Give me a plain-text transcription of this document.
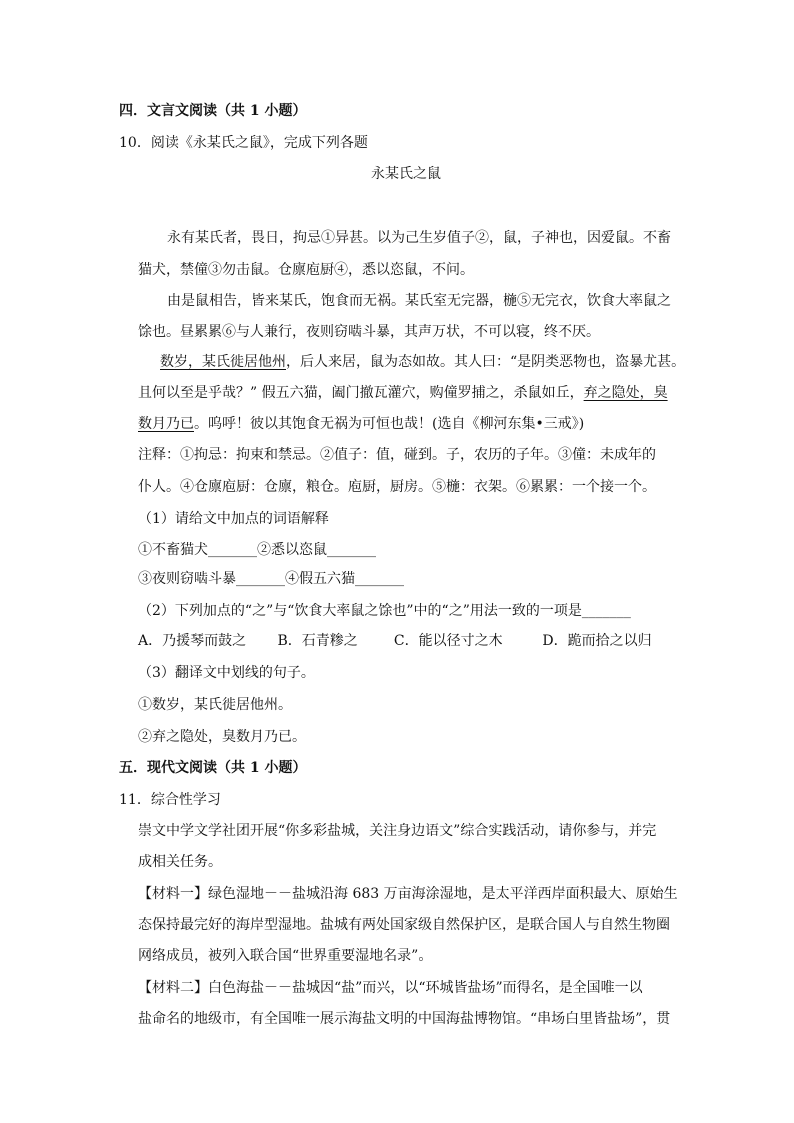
四．文言文阅读（共 1 小题）
10．阅读《永某氏之鼠》，完成下列各题
永某氏之鼠
永有某氏者，畏日，拘忌①异甚。以为己生岁值子②，鼠，子神也，因爱鼠。不畜
猫犬，禁僮③勿击鼠。仓廪庖厨④，悉以恣鼠，不问。
由是鼠相告，皆来某氏，饱食而无祸。某氏室无完器，椸⑤无完衣，饮食大率鼠之
馀也。昼累累⑥与人兼行，夜则窃啮斗暴，其声万状，不可以寝，终不厌。
数岁，某氏徙居他州，后人来居，鼠为态如故。其人曰：“是阴类恶物也，盗暴尤甚。
且何以至是乎哉？” 假五六猫，阖门撤瓦灌穴，购僮罗捕之，杀鼠如丘，弃之隐处，臭
数月乃已。呜呼！彼以其饱食无祸为可恒也哉！(选自《柳河东集•三戒》)
注释：①拘忌：拘束和禁忌。②值子：值，碰到。子，农历的子年。③僮：未成年的
仆人。④仓廪庖厨：仓廪，粮仓。庖厨，厨房。⑤椸：衣架。⑥累累：一个接一个。
（1）请给文中加点的词语解释
①不畜猫犬_______②悉以恣鼠_______
③夜则窃啮斗暴_______④假五六猫_______
（2）下列加点的“之”与“饮食大率鼠之馀也”中的“之”用法一致的一项是_______
A．乃援琴而鼓之 B．石青糁之	C．能以径寸之木	D．跪而拾之以归
（3）翻译文中划线的句子。
①数岁，某氏徙居他州。
②弃之隐处，臭数月乃已。
五．现代文阅读（共 1 小题）
11．综合性学习
崇文中学文学社团开展“你多彩盐城，关注身边语文”综合实践活动，请你参与，并完
成相关任务。
【材料一】绿色湿地－－盐城沿海 683 万亩海涂湿地，是太平洋西岸面积最大、原始生
态保持最完好的海岸型湿地。盐城有两处国家级自然保护区，是联合国人与自然生物圈
网络成员，被列入联合国“世界重要湿地名录”。
【材料二】白色海盐－－盐城因“盐”而兴，以“环城皆盐场”而得名，是全国唯一以
盐命名的地级市，有全国唯一展示海盐文明的中国海盐博物馆。“串场白里皆盐场”，贯
